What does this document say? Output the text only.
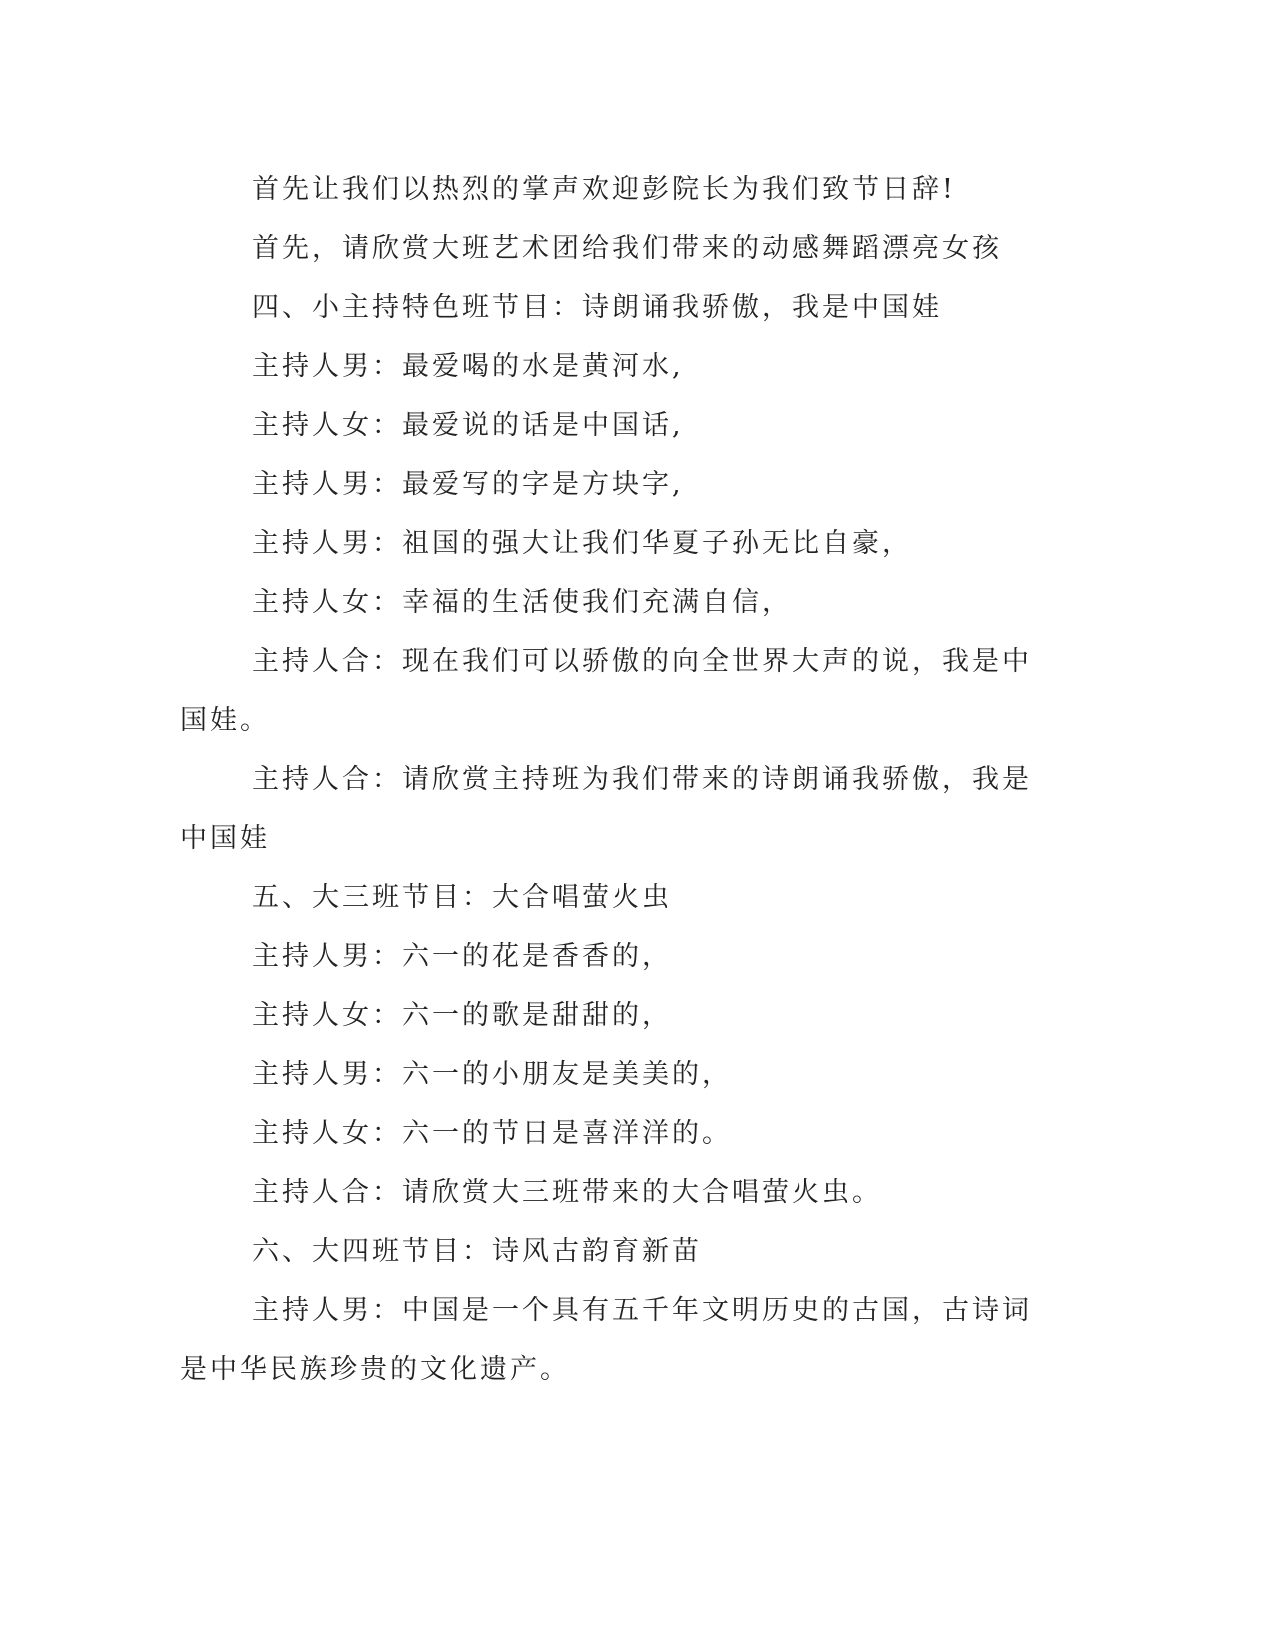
首先让我们以热烈的掌声欢迎彭院长为我们致节日辞!

首先，请欣赏大班艺术团给我们带来的动感舞蹈漂亮女孩

四、小主持特色班节目：诗朗诵我骄傲，我是中国娃

主持人男：最爱喝的水是黄河水,

主持人女：最爱说的话是中国话,

主持人男：最爱写的字是方块字,

主持人男：祖国的强大让我们华夏子孙无比自豪，

主持人女：幸福的生活使我们充满自信，

主持人合：现在我们可以骄傲的向全世界大声的说，我是中国娃。

主持人合：请欣赏主持班为我们带来的诗朗诵我骄傲，我是中国娃

五、大三班节目：大合唱萤火虫

主持人男：六一的花是香香的，

主持人女：六一的歌是甜甜的，

主持人男：六一的小朋友是美美的，

主持人女：六一的节日是喜洋洋的。

主持人合：请欣赏大三班带来的大合唱萤火虫。

六、大四班节目：诗风古韵育新苗

主持人男：中国是一个具有五千年文明历史的古国，古诗词是中华民族珍贵的文化遗产。
